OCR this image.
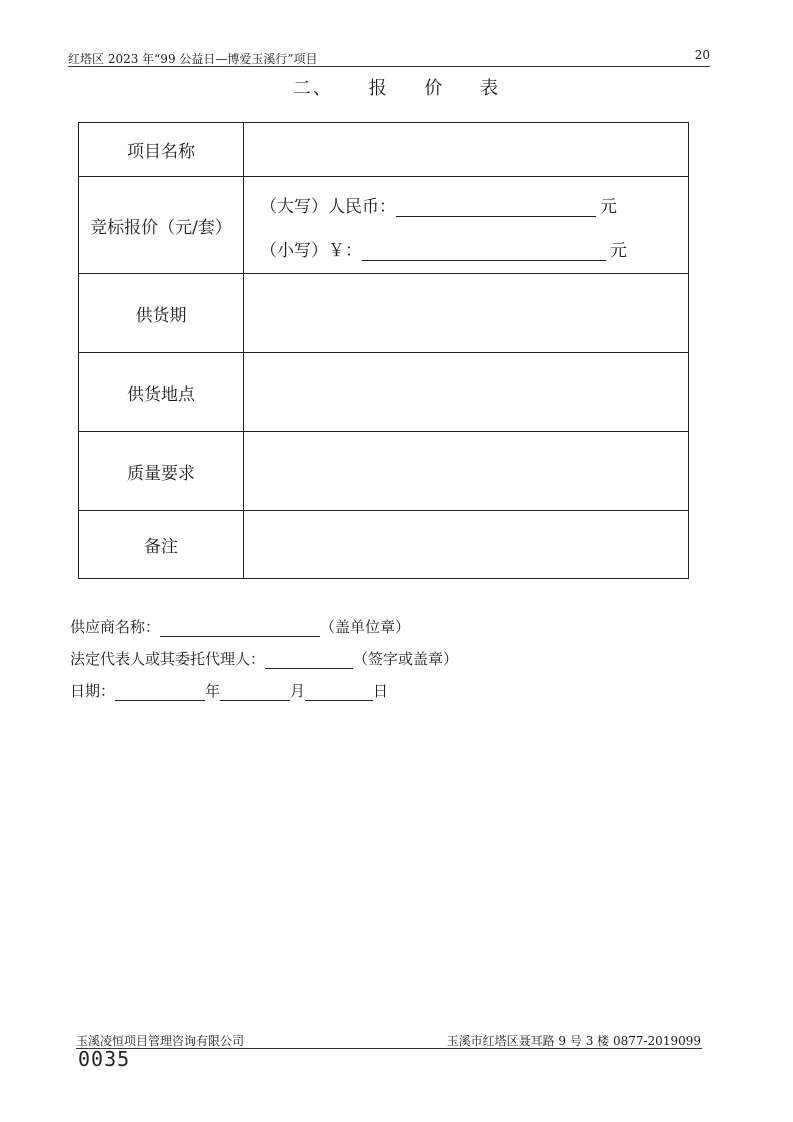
红塔区 2023 年“99 公益日—博爱玉溪行”项目	20
二、 报 价 表
项目名称	
竞标报价（元/套）	（大写）人民币： 元
（小写）￥： 元

供货期	
供货地点	
质量要求	
备注	
供应商名称：	（盖单位章）
法定代表人或其委托代理人：	（签字或盖章）
日期：	年	月	日
玉溪凌恒项目管理咨询有限公司	玉溪市红塔区聂耳路 9 号 3 楼 0877-2019099
0035
